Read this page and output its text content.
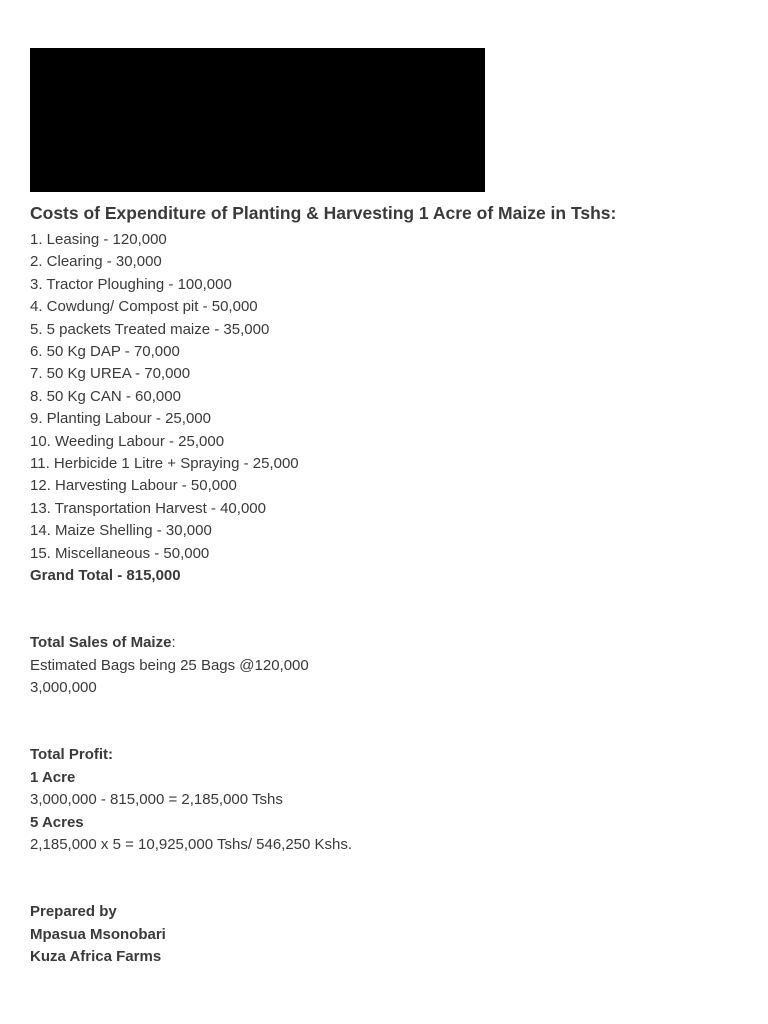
Costs of Expenditure of Planting & Harvesting 1 Acre of Maize in Tshs:
1. Leasing - 120,000
2. Clearing - 30,000
3. Tractor Ploughing - 100,000
4. Cowdung/ Compost pit - 50,000
5. 5 packets Treated maize - 35,000
6. 50 Kg DAP - 70,000
7. 50 Kg UREA - 70,000
8. 50 Kg CAN - 60,000
9. Planting Labour - 25,000
10. Weeding Labour - 25,000
11. Herbicide 1 Litre + Spraying - 25,000
12. Harvesting Labour - 50,000
13. Transportation Harvest - 40,000
14. Maize Shelling - 30,000
15. Miscellaneous - 50,000
Grand Total - 815,000
Total Sales of Maize:
Estimated Bags being 25 Bags @120,000
3,000,000
Total Profit:
1 Acre
3,000,000 - 815,000 = 2,185,000 Tshs
5 Acres
2,185,000 x 5 = 10,925,000 Tshs/ 546,250 Kshs.
Prepared by
Mpasua Msonobari
Kuza Africa Farms
